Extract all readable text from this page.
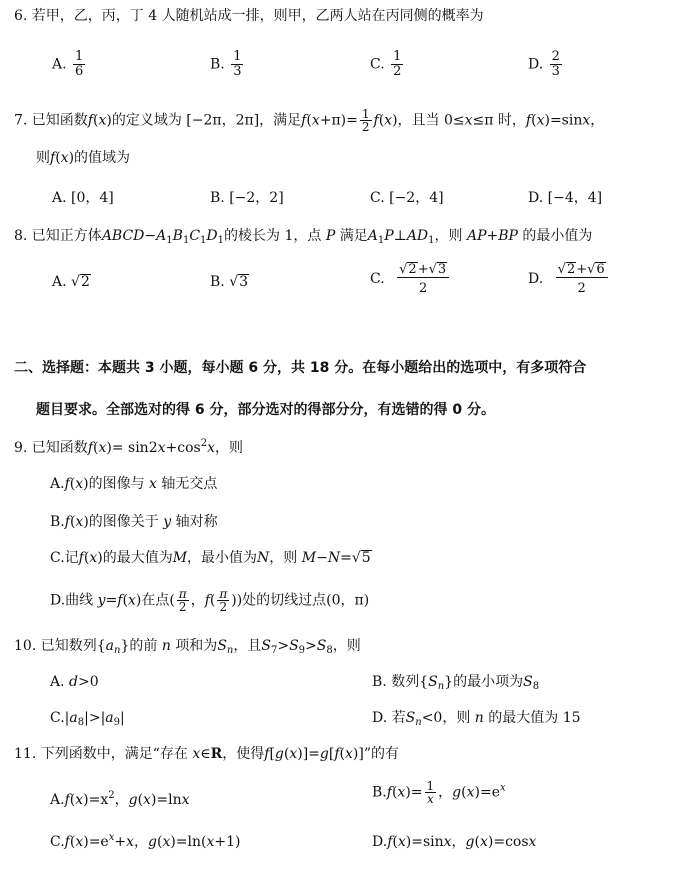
6. 若甲，乙，丙，丁 4 人随机站成一排，则甲，乙两人站在丙同侧的概率为
A. $\frac{1}{6}$	B. $\frac{1}{3}$	C. $\frac{1}{2}$	D. $\frac{2}{3}$
7. 已知函数f(x)的定义域为 [−2π，2π]，满足$f(x+\pi)= \frac{1}{2} f(x)$，且当 0≤x≤π 时，f(x)=sinx，
则f(x)的值域为
A. [0，4]	B. [−2，2]	C. [−2，4]	D. [−4，4]
8. 已知正方体$ABCD-A_1B_1C_1D_1$的棱长为 1，点 P 满足$A_1P\perp AD_1$，则 AP+BP 的最小值为
A. √2	B. √3	C. $\frac{√2+√3}{2}$	D. $\frac{√2+√6}{2}$
二、选择题：本题共 3 小题，每小题 6 分，共 18 分。在每小题给出的选项中，有多项符合
题目要求。全部选对的得 6 分，部分选对的得部分分，有选错的得 0 分。
9. 已知函数$f(x)= \sin 2x+\cos^2x$，则
A.f(x)的图像与 x 轴无交点
B.f(x)的图像关于 y 轴对称
C.记f(x)的最大值为M，最小值为N，则 M−N=√5
D.曲线 y=f(x)在点( $\frac{\pi}{2}$ ，$f( \frac{\pi}{2}$ ))处的切线过点(0，π)
10. 已知数列$\{a_n\}$的前 n 项和为$S_n$，且$S_7>S_9>S_8$，则
A. d>0	B. 数列$\{S_n\}$的最小项为$S_8$
$C.|a_8|>|a_9|$	D. 若$S_n<0$，则 n 的最大值为 15
11. 下列函数中，满足“存在 x∈R，使得f[g(x)]=g[f(x)]”的有
$A.f(x)=x^2$，g(x)=lnx	$B.f(x)= \frac{1}{x}$ ，$g(x)=e^x$
$C.f(x)=e^x+x$，g(x)=ln(x+1)	D.f(x)=sinx，g(x)=cosx
